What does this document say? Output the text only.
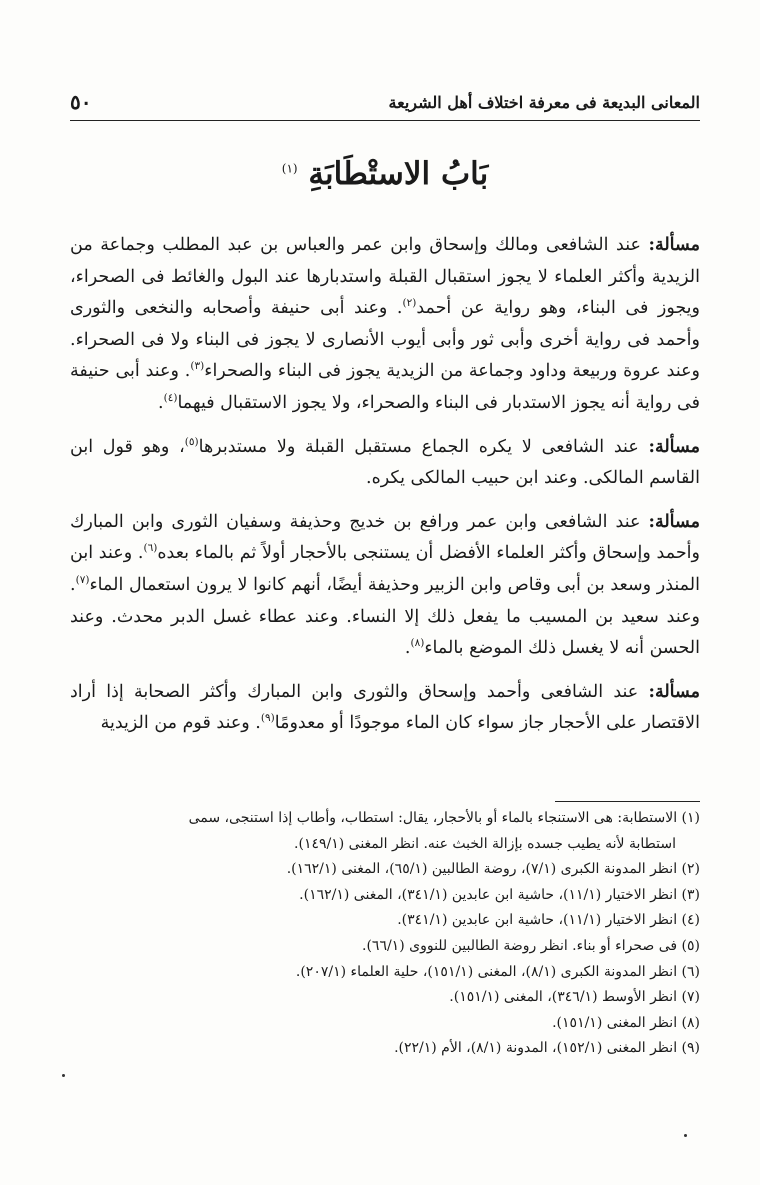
المعانى البديعة فى معرفة اختلاف أهل الشريعة
٥٠
بَابُ الاستْطَابَةِ $^{(١)}$

مسألة: عند الشافعى ومالك وإسحاق وابن عمر والعباس بن عبد المطلب وجماعة من الزيدية وأكثر العلماء لا يجوز استقبال القبلة واستدبارها عند البول والغائط فى الصحراء، ويجوز فى البناء، وهو رواية عن أحمد$^{(٢)}$. وعند أبى حنيفة وأصحابه والنخعى والثورى وأحمد فى رواية أخرى وأبى ثور وأبى أيوب الأنصارى لا يجوز فى البناء ولا فى الصحراء. وعند عروة وربيعة وداود وجماعة من الزيدية يجوز فى البناء والصحراء$^{(٣)}$. وعند أبى حنيفة فى رواية أنه يجوز الاستدبار فى البناء والصحراء، ولا يجوز الاستقبال فيهما$^{(٤)}$.

مسألة: عند الشافعى لا يكره الجماع مستقبل القبلة ولا مستدبرها$^{(٥)}$، وهو قول ابن القاسم المالكى. وعند ابن حبيب المالكى يكره.

مسألة: عند الشافعى وابن عمر ورافع بن خديج وحذيفة وسفيان الثورى وابن المبارك وأحمد وإسحاق وأكثر العلماء الأفضل أن يستنجى بالأحجار أولاً ثم بالماء بعده$^{(٦)}$. وعند ابن المنذر وسعد بن أبى وقاص وابن الزبير وحذيفة أيضًا، أنهم كانوا لا يرون استعمال الماء$^{(٧)}$. وعند سعيد بن المسيب ما يفعل ذلك إلا النساء. وعند عطاء غسل الدبر محدث. وعند الحسن أنه لا يغسل ذلك الموضع بالماء$^{(٨)}$.

مسألة: عند الشافعى وأحمد وإسحاق والثورى وابن المبارك وأكثر الصحابة إذا أراد الاقتصار على الأحجار جاز سواء كان الماء موجودًا أو معدومًا$^{(٩)}$. وعند قوم من الزيدية

(١) الاستطابة: هى الاستنجاء بالماء أو بالأحجار، يقال: استطاب، وأطاب إذا استنجى، سمى
استطابة لأنه يطيب جسده بإزالة الخبث عنه. انظر المغنى (١٤٩/١).
(٢) انظر المدونة الكبرى (٧/١)، روضة الطالبين (٦٥/١)، المغنى (١٦٢/١).
(٣) انظر الاختيار (١١/١)، حاشية ابن عابدين (٣٤١/١)، المغنى (١٦٢/١).
(٤) انظر الاختيار (١١/١)، حاشية ابن عابدين (٣٤١/١).
(٥) فى صحراء أو بناء. انظر روضة الطالبين للنووى (٦٦/١).
(٦) انظر المدونة الكبرى (٨/١)، المغنى (١٥١/١)، حلية العلماء (٢٠٧/١).
(٧) انظر الأوسط (٣٤٦/١)، المغنى (١٥١/١).
(٨) انظر المغنى (١٥١/١).
(٩) انظر المغنى (١٥٢/١)، المدونة (٨/١)، الأم (٢٢/١).
